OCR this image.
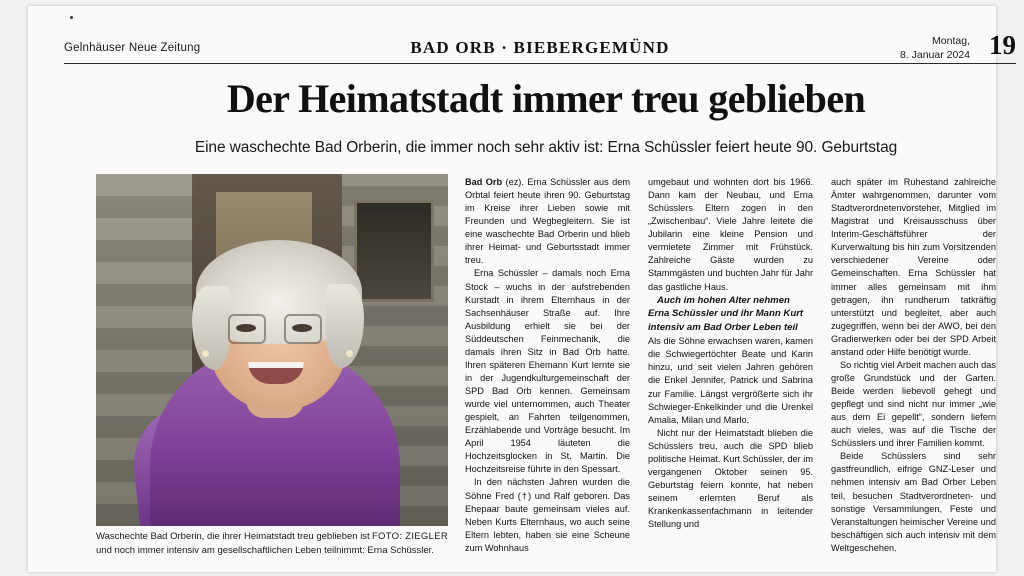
Gelnhäuser Neue Zeitung	BAD ORB · BIEBERGEMÜND	Montag,
8. Januar 2024 19
Der Heimatstadt immer treu geblieben
Eine waschechte Bad Orberin, die immer noch sehr aktiv ist: Erna Schüssler feiert heute 90. Geburtstag
FOTO: ZIEGLER
Waschechte Bad Orberin, die ihrer Heimatstadt treu geblieben ist und noch immer intensiv am gesellschaftlichen Leben teilnimmt: Erna Schüssler.

Bad Orb (ez). Erna Schüssler aus dem Orbtal feiert heute ihren 90. Geburtstag im Kreise ihrer Lieben sowie mit Freunden und Wegbegleitern. Sie ist eine waschechte Bad Orberin und blieb ihrer Heimat- und Geburtsstadt immer treu.

Erna Schüssler – damals noch Erna Stock – wuchs in der aufstrebenden Kurstadt in ihrem Elternhaus in der Sachsenhäuser Straße auf. Ihre Ausbildung erhielt sie bei der Süddeutschen Feinmechanik, die damals ihren Sitz in Bad Orb hatte. Ihren späteren Ehemann Kurt lernte sie in der Jugendkulturgemeinschaft der SPD Bad Orb kennen. Gemeinsam wurde viel unternommen, auch Theater gespielt, an Fahrten teilgenommen, Erzählabende und Vorträge besucht. Im April 1954 läuteten die Hochzeitsglocken in St. Martin. Die Hochzeitsreise führte in den Spessart.

In den nächsten Jahren wurden die Söhne Fred (†) und Ralf geboren. Das Ehepaar baute gemeinsam vieles auf. Neben Kurts Elternhaus, wo auch seine Eltern lebten, haben sie eine Scheune zum Wohnhaus

umgebaut und wohnten dort bis 1966. Dann kam der Neubau, und Erna Schüsslers Eltern zogen in den „Zwischenbau“. Viele Jahre leitete die Jubilarin eine kleine Pension und vermietete Zimmer mit Frühstück. Zahlreiche Gäste wurden zu Stammgästen und buchten Jahr für Jahr das gastliche Haus.

Auch im hohen Alter nehmen Erna Schüssler und ihr Mann Kurt intensiv am Bad Orber Leben teil

Als die Söhne erwachsen waren, kamen die Schwiegertöchter Beate und Karin hinzu, und seit vielen Jahren gehören die Enkel Jennifer, Patrick und Sabrina zur Familie. Längst vergrößerte sich ihr Schwieger-Enkelkinder und die Urenkel Amalia, Milan und Marlo.

Nicht nur der Heimatstadt blieben die Schüsslers treu, auch die SPD blieb politische Heimat. Kurt Schüssler, der im vergangenen Oktober seinen 95. Geburtstag feiern konnte, hat neben seinem erlernten Beruf als Krankenkassenfachmann in leitender Stellung und

auch später im Ruhestand zahlreiche Ämter wahrgenommen, darunter vom Stadtverordnetenvorsteher, Mitglied im Magistrat und Kreisausschuss über Interim-Geschäftsführer der Kurverwaltung bis hin zum Vorsitzenden verschiedener Vereine oder Gemeinschaften. Erna Schüssler hat immer alles gemeinsam mit ihm getragen, ihn rundherum tatkräftig unterstützt und begleitet, aber auch zugegriffen, wenn bei der AWO, bei den Gradierwerken oder bei der SPD Arbeit anstand oder Hilfe benötigt wurde.

So richtig viel Arbeit machen auch das große Grundstück und der Garten. Beide werden liebevoll gehegt und gepflegt und sind nicht nur immer „wie aus dem Ei gepellt“, sondern liefern auch vieles, was auf die Tische der Schüsslers und ihrer Familien kommt.

Beide Schüsslers sind sehr gastfreundlich, eifrige GNZ-Leser und nehmen intensiv am Bad Orber Leben teil, besuchen Stadtverordneten- und sonstige Versammlungen, Feste und Veranstaltungen heimischer Vereine und beschäftigen sich auch intensiv mit dem Weltgeschehen.
